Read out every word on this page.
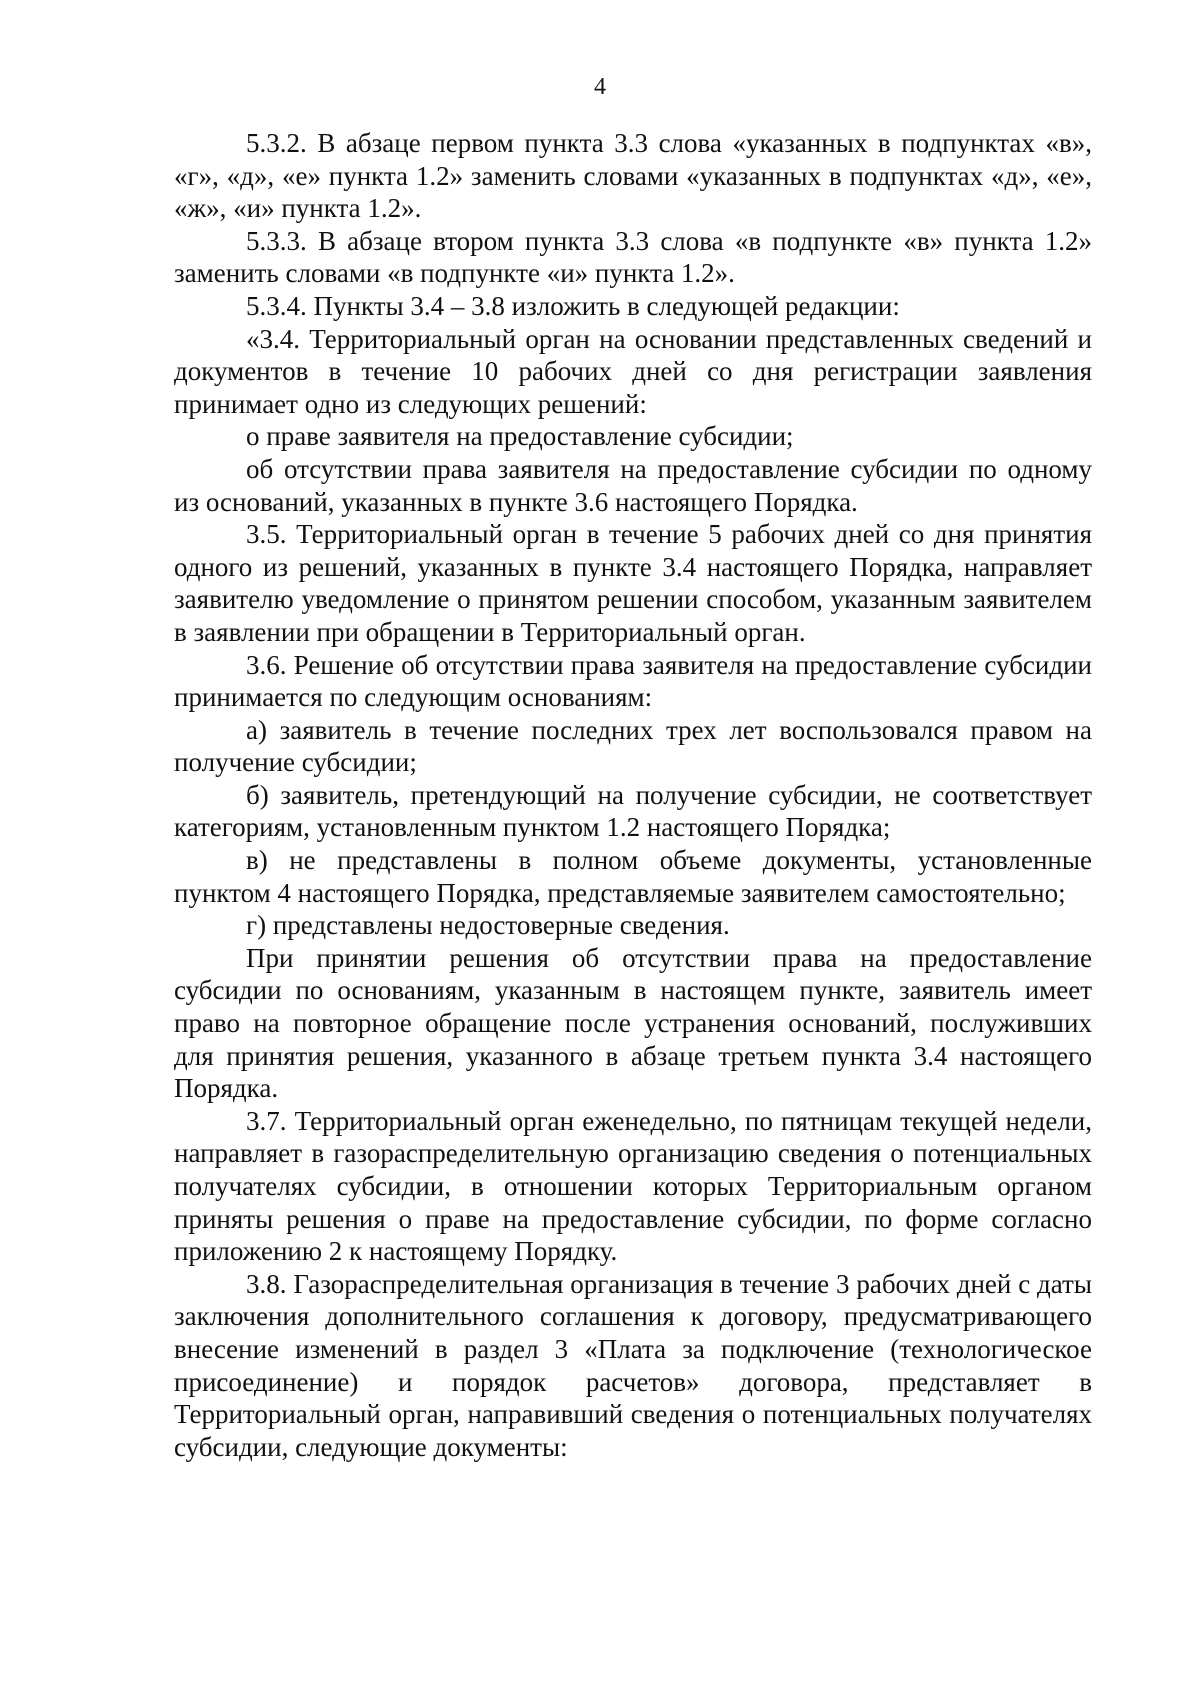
4

5.3.2. В абзаце первом пункта 3.3 слова «указанных в подпунктах «в», «г», «д», «е» пункта 1.2» заменить словами «указанных в подпунктах «д», «е», «ж», «и» пункта 1.2».

5.3.3. В абзаце втором пункта 3.3 слова «в подпункте «в» пункта 1.2» заменить словами «в подпункте «и» пункта 1.2».

5.3.4. Пункты 3.4 – 3.8 изложить в следующей редакции:

«3.4. Территориальный орган на основании представленных сведений и документов в течение 10 рабочих дней со дня регистрации заявления принимает одно из следующих решений:

о праве заявителя на предоставление субсидии;

об отсутствии права заявителя на предоставление субсидии по одному из оснований, указанных в пункте 3.6 настоящего Порядка.

3.5. Территориальный орган в течение 5 рабочих дней со дня принятия одного из решений, указанных в пункте 3.4 настоящего Порядка, направляет заявителю уведомление о принятом решении способом, указанным заявителем в заявлении при обращении в Территориальный орган.

3.6. Решение об отсутствии права заявителя на предоставление субсидии принимается по следующим основаниям:

а) заявитель в течение последних трех лет воспользовался правом на получение субсидии;

б) заявитель, претендующий на получение субсидии, не соответствует категориям, установленным пунктом 1.2 настоящего Порядка;

в) не представлены в полном объеме документы, установленные пунктом 4 настоящего Порядка, представляемые заявителем самостоятельно;

г) представлены недостоверные сведения.

При принятии решения об отсутствии права на предоставление субсидии по основаниям, указанным в настоящем пункте, заявитель имеет право на повторное обращение после устранения оснований, послуживших для принятия решения, указанного в абзаце третьем пункта 3.4 настоящего Порядка.

3.7. Территориальный орган еженедельно, по пятницам текущей недели, направляет в газораспределительную организацию сведения о потенциальных получателях субсидии, в отношении которых Территориальным органом приняты решения о праве на предоставление субсидии, по форме согласно приложению 2 к настоящему Порядку.

3.8. Газораспределительная организация в течение 3 рабочих дней с даты заключения дополнительного соглашения к договору, предусматривающего внесение изменений в раздел 3 «Плата за подключение (технологическое присоединение) и порядок расчетов» договора, представляет в Территориальный орган, направивший сведения о потенциальных получателях субсидии, следующие документы:
